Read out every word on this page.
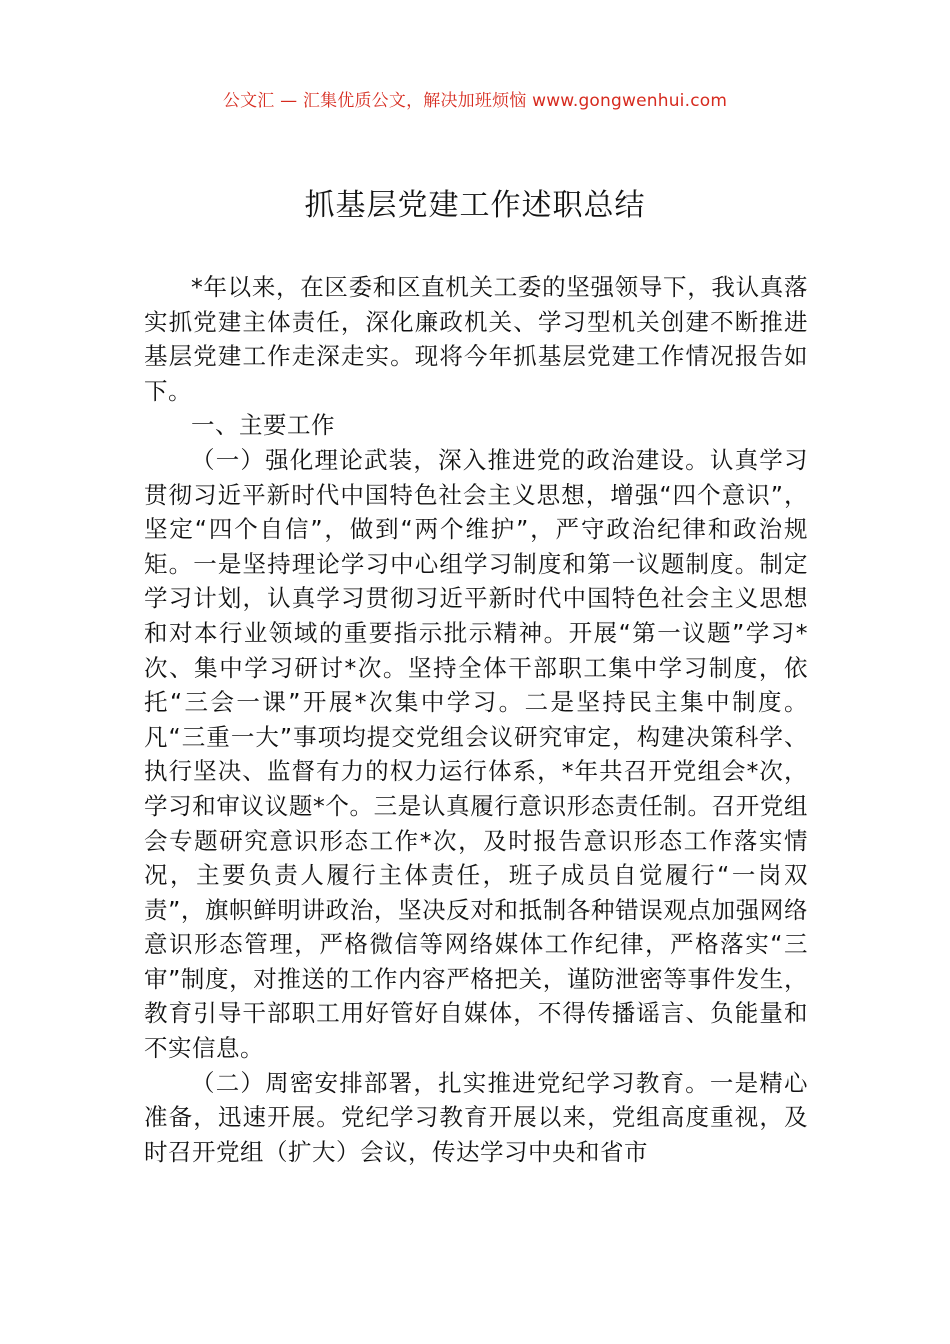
公文汇 — 汇集优质公文，解决加班烦恼 www.gongwenhui.com
抓基层党建工作述职总结

*年以来，在区委和区直机关工委的坚强领导下，我认真落实抓党建主体责任，深化廉政机关、学习型机关创建不断推进基层党建工作走深走实。现将今年抓基层党建工作情况报告如下。

一、主要工作

（一）强化理论武装，深入推进党的政治建设。认真学习贯彻习近平新时代中国特色社会主义思想，增强“四个意识”，坚定“四个自信”，做到“两个维护”，严守政治纪律和政治规矩。一是坚持理论学习中心组学习制度和第一议题制度。制定学习计划，认真学习贯彻习近平新时代中国特色社会主义思想和对本行业领域的重要指示批示精神。开展“第一议题”学习*次、集中学习研讨*次。坚持全体干部职工集中学习制度，依托“三会一课”开展*次集中学习。二是坚持民主集中制度。凡“三重一大”事项均提交党组会议研究审定，构建决策科学、执行坚决、监督有力的权力运行体系，*年共召开党组会*次，学习和审议议题*个。三是认真履行意识形态责任制。召开党组会专题研究意识形态工作*次，及时报告意识形态工作落实情况，主要负责人履行主体责任，班子成员自觉履行“一岗双责”，旗帜鲜明讲政治，坚决反对和抵制各种错误观点加强网络意识形态管理，严格微信等网络媒体工作纪律，严格落实“三审”制度，对推送的工作内容严格把关，谨防泄密等事件发生，教育引导干部职工用好管好自媒体，不得传播谣言、负能量和不实信息。

（二）周密安排部署，扎实推进党纪学习教育。一是精心准备，迅速开展。党纪学习教育开展以来，党组高度重视，及时召开党组（扩大）会议，传达学习中央和省市
